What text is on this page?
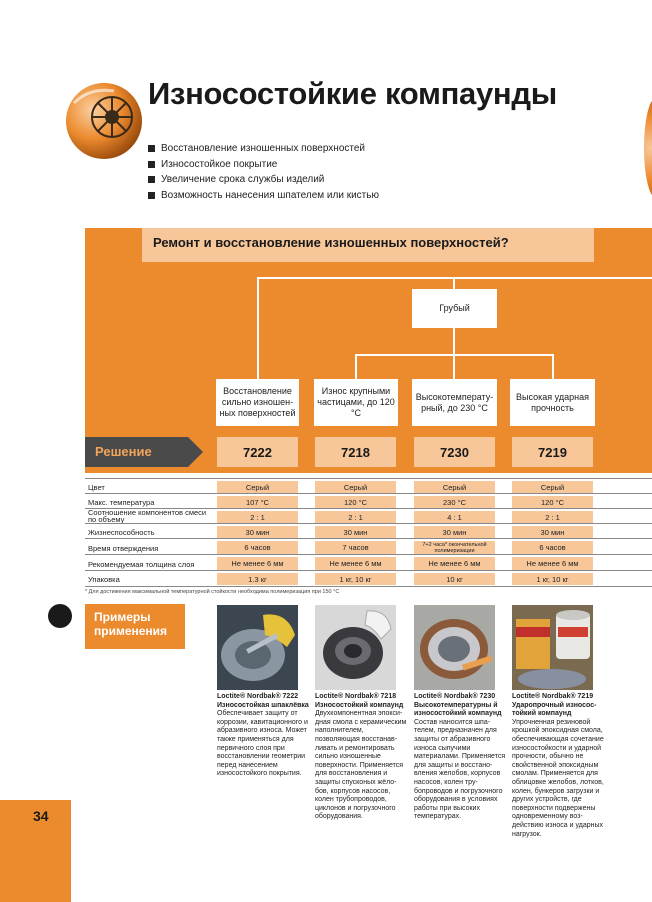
Износостойкие компаунды
Восстановление изношенных поверхностей
Износостойкое покрытие
Увеличение срока службы изделий
Возможность нанесения шпателем или кистью
Ремонт и восстановление изношенных поверхностей?
Грубый
Восстановление сильно изношенных поверхностей
Износ крупными частицами, до 120 °С
Высокотемпературный, до 230 °С
Высокая ударная прочность
Решение	7222	7218	7230	7219
Цвет	Серый	Серый	Серый	Серый
Макс. температура	107 °С	120 °С	230 °С	120 °С
Соотношение компонентов смеси по объему	2 : 1	2 : 1	4 : 1	2 : 1
Жизнеспособность	30 мин	30 мин	30 мин	30 мин
Время отверждения	6 часов	7 часов	7+2 часа* окончательной полимеризации	6 часов
Рекомендуемая толщина слоя	Не менее 6 мм	Не менее 6 мм	Не менее 6 мм	Не менее 6 мм
Упаковка	1.3 кг	1 кг, 10 кг	10 кг	1 кг, 10 кг
* Для достижения максимальной температурной стойкости необходима полимеризация при 150 °С
Примеры
применения
Loctite® Nordbak® 7222 Износостойкая шпаклёвка
Обеспечивает защиту от коррозии, кавитационного и абразивного износа. Может также применяться для первичного слоя при восстановлении геометрии перед нанесением износостойкого покрытия.
Loctite® Nordbak® 7218 Износостойкий компаунд
Двухкомпонентная эпоксидная смола с керамическим наполнителем, позволяющая восстанавливать и ремонтировать сильно изношенные поверхности. Применяется для восстановления и защиты спусконых жёлобов, корпусов насосов, колен трубопроводов, циклонов и погрузочного оборудования.
Loctite® Nordbak® 7230 Высокотемпературны й износостойкий компаунд
Состав наносится шпателем, предназначен для защиты от абразивного износа сыпучими материалами. Применяется для защиты и восстановления желобов, корпусов насосов, колен трубопроводов и погрузочного оборудования в условиях работы при высоких температурах.
Loctite® Nordbak® 7219 Ударопрочный износостойкий компаунд
Упрочненная резиновой крошкой эпоксидная смола, обеспечивающая сочетание износостойкости и ударной прочности, обычно не свойственной эпоксидным смолам. Применяется для облицовке желобов, лотков, колен, бункеров загрузки и других устройств, где поверхности подвержены одновременному воздействию износа и ударных нагрузок.
34
